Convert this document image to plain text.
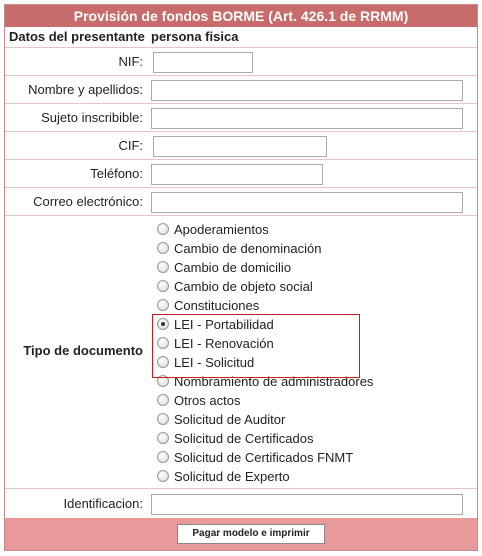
Provisión de fondos BORME (Art. 426.1 de RRMM)
Datos del presentante persona fisica
NIF:
Nombre y apellidos:
Sujeto inscribible:
CIF:
Teléfono:
Correo electrónico:
Tipo de documento
Apoderamientos
Cambio de denominación
Cambio de domicilio
Cambio de objeto social
Constituciones
LEI - Portabilidad
LEI - Renovación
LEI - Solicitud
Nombramiento de administradores
Otros actos
Solicitud de Auditor
Solicitud de Certificados
Solicitud de Certificados FNMT
Solicitud de Experto
Identificacion:
Pagar modelo e imprimir
